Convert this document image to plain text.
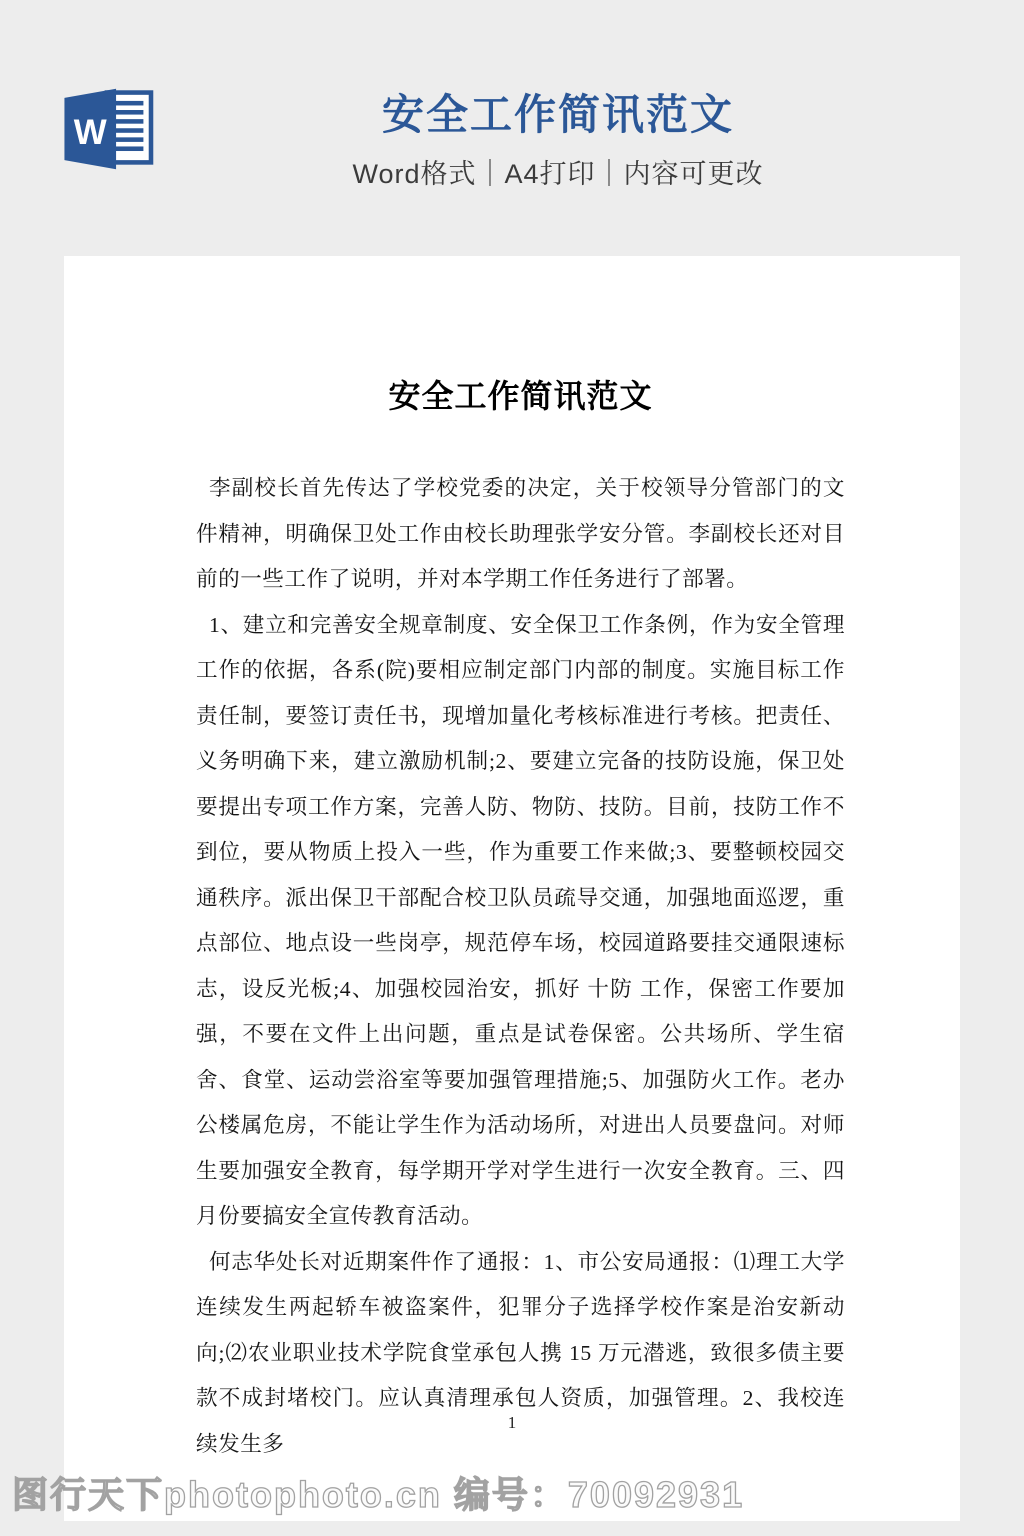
W	安全工作简讯范文
Word格式｜A4打印｜内容可更改
安全工作简讯范文

李副校长首先传达了学校党委的决定，关于校领导分管部门的文件精神，明确保卫处工作由校长助理张学安分管。李副校长还对目前的一些工作了说明，并对本学期工作任务进行了部署。

1、建立和完善安全规章制度、安全保卫工作条例，作为安全管理工作的依据，各系(院)要相应制定部门内部的制度。实施目标工作责任制，要签订责任书，现增加量化考核标准进行考核。把责任、义务明确下来，建立激励机制;2、要建立完备的技防设施，保卫处要提出专项工作方案，完善人防、物防、技防。目前，技防工作不到位，要从物质上投入一些，作为重要工作来做;3、要整顿校园交通秩序。派出保卫干部配合校卫队员疏导交通，加强地面巡逻，重点部位、地点设一些岗亭，规范停车场，校园道路要挂交通限速标志，设反光板;4、加强校园治安，抓好 十防 工作，保密工作要加强，不要在文件上出问题，重点是试卷保密。公共场所、学生宿舍、食堂、运动尝浴室等要加强管理措施;5、加强防火工作。老办公楼属危房，不能让学生作为活动场所，对进出人员要盘问。对师生要加强安全教育，每学期开学对学生进行一次安全教育。三、四月份要搞安全宣传教育活动。

何志华处长对近期案件作了通报：1、市公安局通报：⑴理工大学连续发生两起轿车被盗案件，犯罪分子选择学校作案是治安新动向;⑵农业职业技术学院食堂承包人携 15 万元潜逃，致很多债主要款不成封堵校门。应认真清理承包人资质，加强管理。2、我校连续发生多

1
图行天下photophoto.cn 编号：70092931
